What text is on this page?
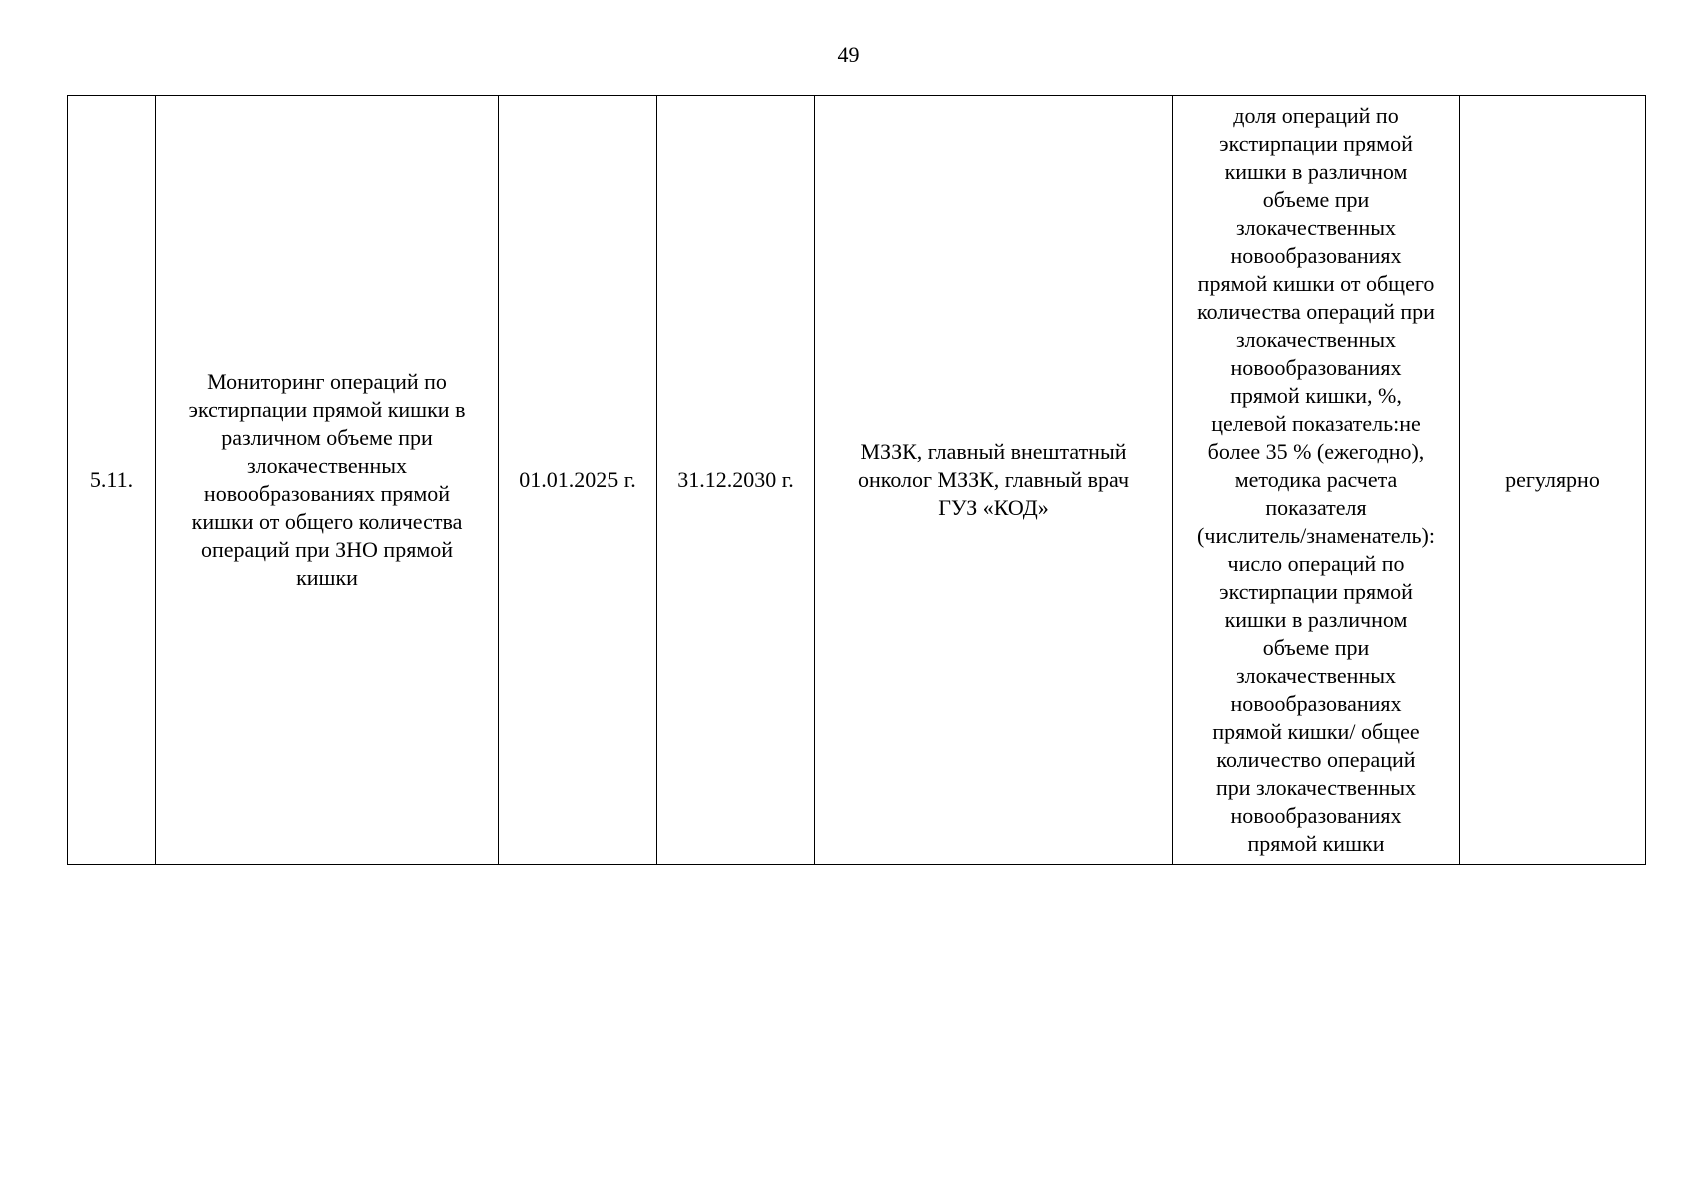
49
5.11.	Мониторинг операций по
экстирпации прямой кишки в
различном объеме при
злокачественных
новообразованиях прямой
кишки от общего количества
операций при ЗНО прямой
кишки	01.01.2025 г.	31.12.2030 г.	МЗЗК, главный внештатный
онколог МЗЗК, главный врач
ГУЗ «КОД»	доля операций по
экстирпации прямой
кишки в различном
объеме при
злокачественных
новообразованиях
прямой кишки от общего
количества операций при
злокачественных
новообразованиях
прямой кишки, %,
целевой показатель:не
более 35 % (ежегодно),
методика расчета
показателя
(числитель/знаменатель):
число операций по
экстирпации прямой
кишки в различном
объеме при
злокачественных
новообразованиях
прямой кишки/ общее
количество операций
при злокачественных
новообразованиях
прямой кишки	регулярно
